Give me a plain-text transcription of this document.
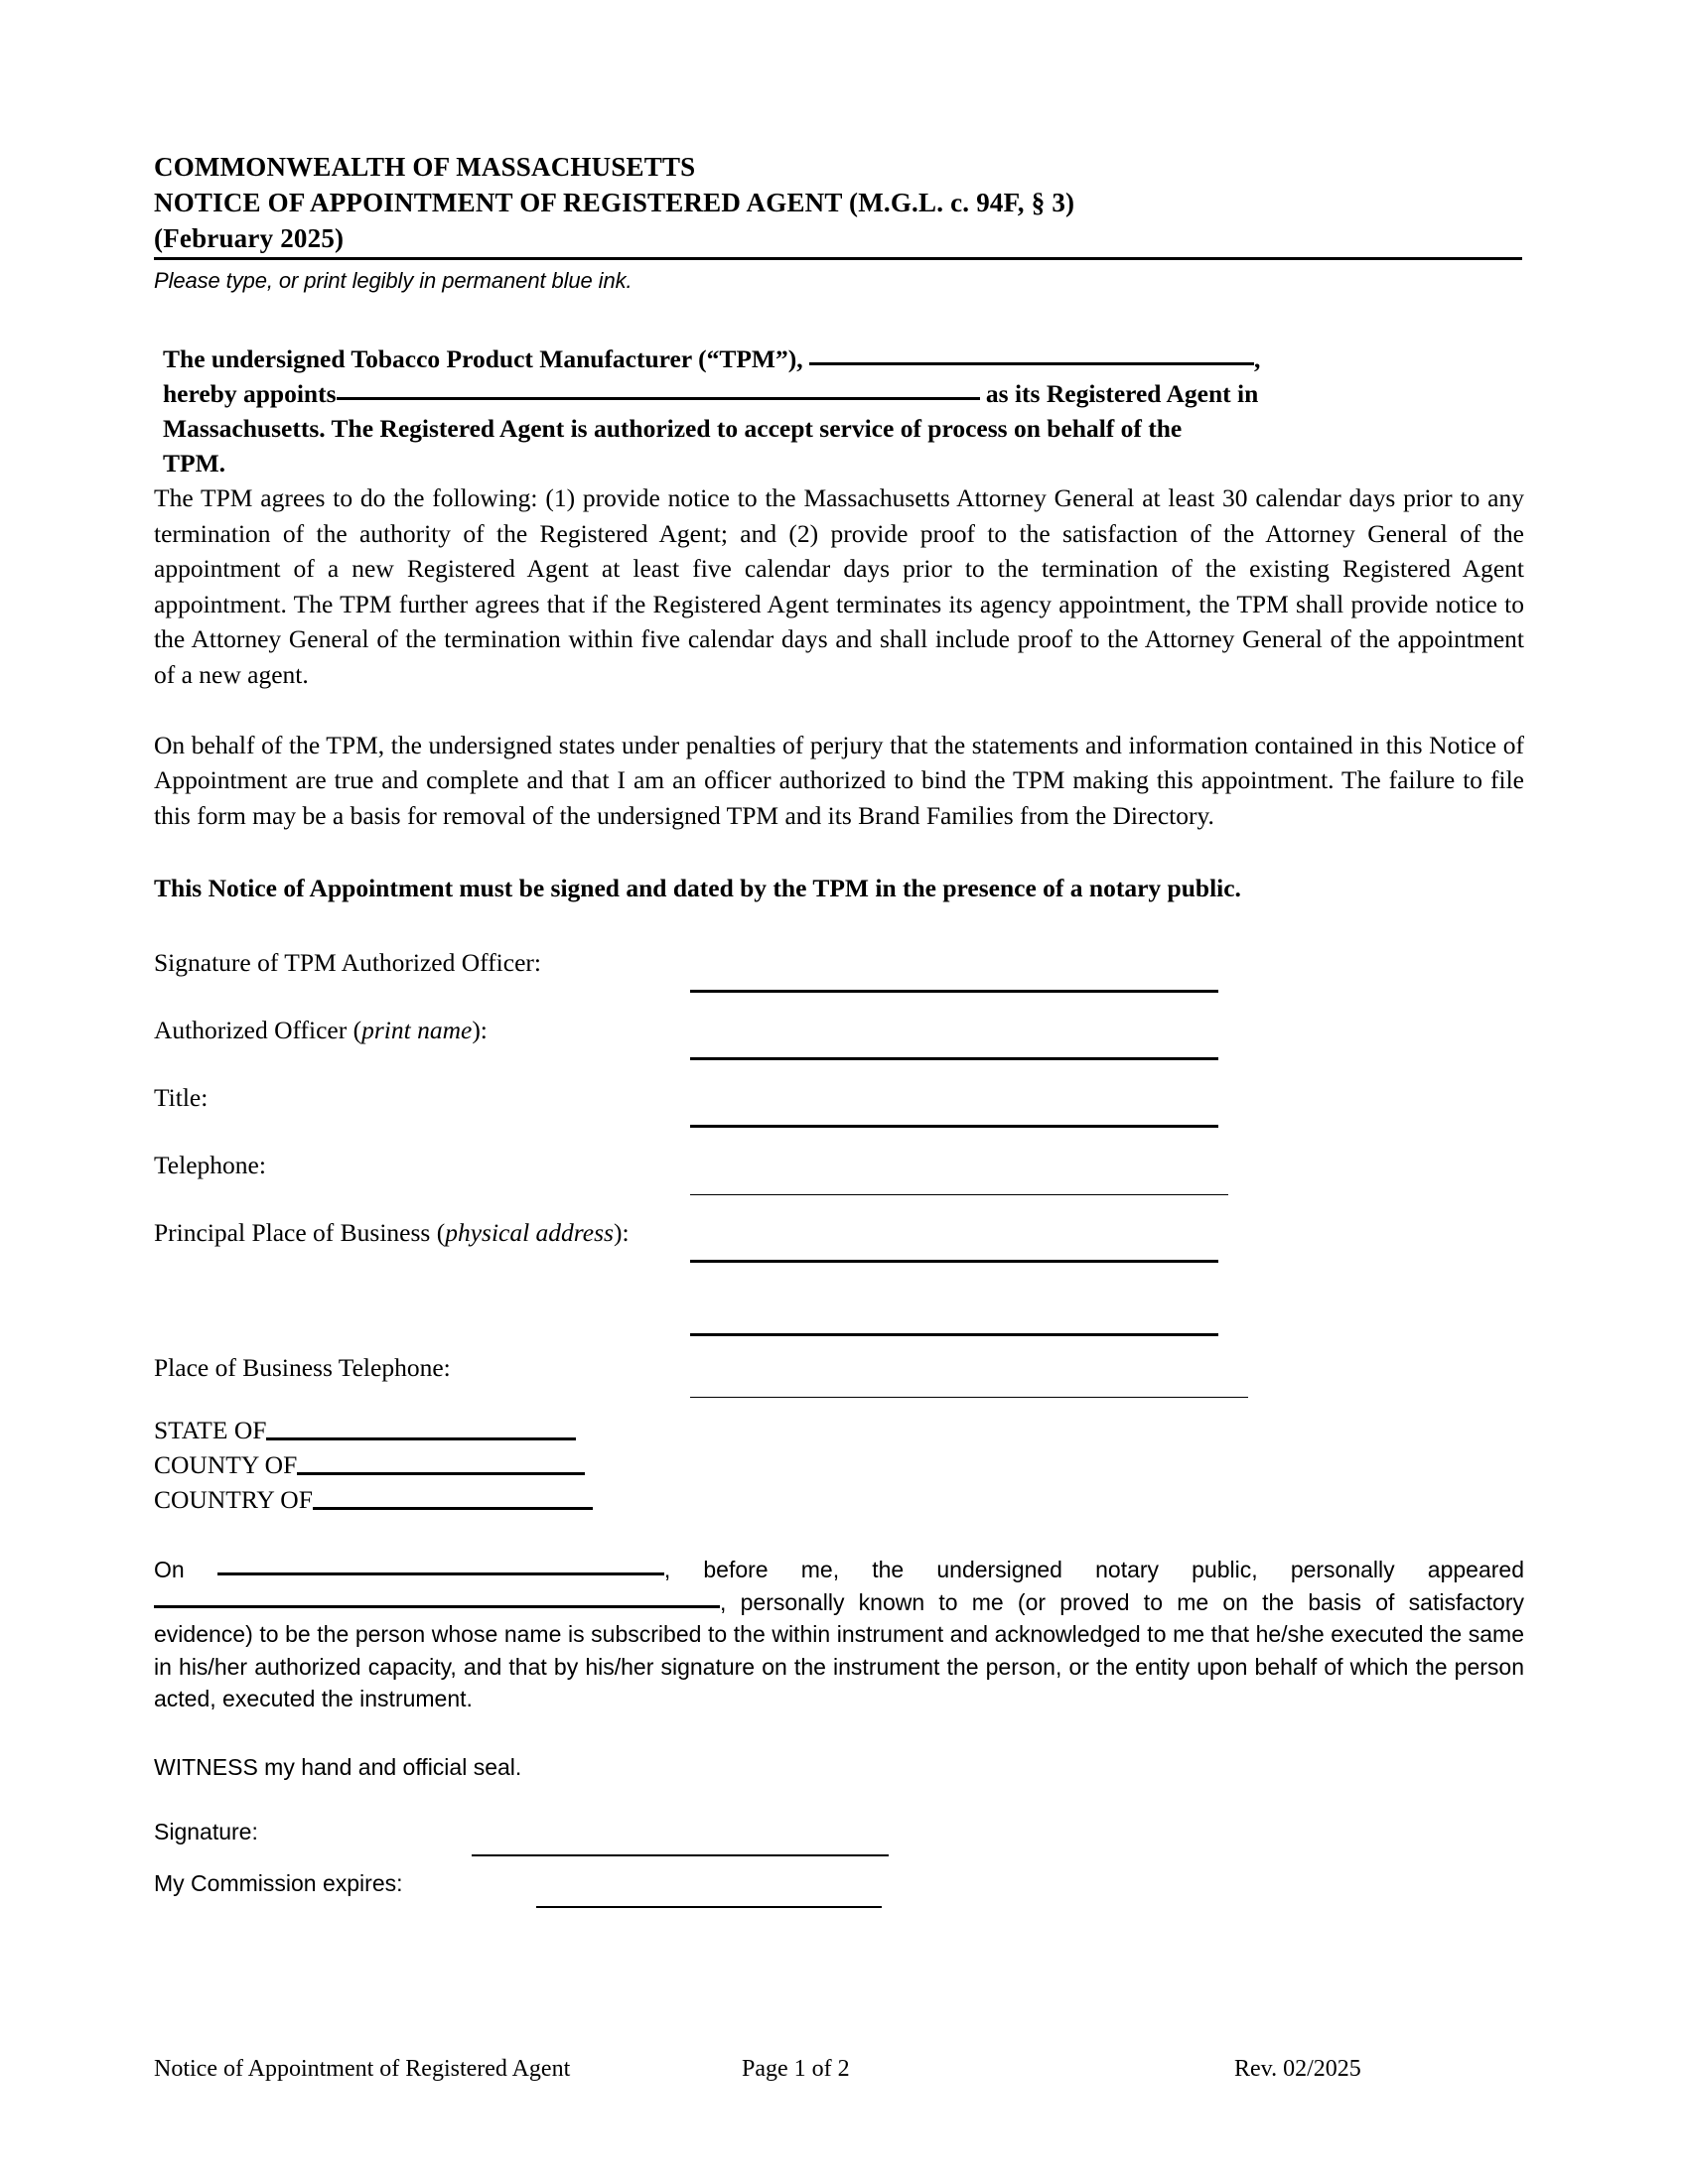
COMMONWEALTH OF MASSACHUSETTS
NOTICE OF APPOINTMENT OF REGISTERED AGENT (M.G.L. c. 94F, § 3)
(February 2025)
Please type, or print legibly in permanent blue ink.
The undersigned Tobacco Product Manufacturer (“TPM”),	,
hereby appoints	as its Registered Agent in
Massachusetts. The Registered Agent is authorized to accept service of process on behalf of the
TPM.
The TPM agrees to do the following: (1) provide notice to the Massachusetts Attorney General at least 30 calendar days prior to any termination of the authority of the Registered Agent; and (2) provide proof to the satisfaction of the Attorney General of the appointment of a new Registered Agent at least five calendar days prior to the termination of the existing Registered Agent appointment. The TPM further agrees that if the Registered Agent terminates its agency appointment, the TPM shall provide notice to the Attorney General of the termination within five calendar days and shall include proof to the Attorney General of the appointment of a new agent.
On behalf of the TPM, the undersigned states under penalties of perjury that the statements and information contained in this Notice of Appointment are true and complete and that I am an officer authorized to bind the TPM making this appointment. The failure to file this form may be a basis for removal of the undersigned TPM and its Brand Families from the Directory.
This Notice of Appointment must be signed and dated by the TPM in the presence of a notary public.
Signature of TPM Authorized Officer:
Authorized Officer (print name):
Title:
Telephone:
Principal Place of Business (physical address):
Place of Business Telephone:
STATE OF
COUNTY OF
COUNTRY OF
On	, before me, the undersigned notary public, personally appeared , personally known to me (or proved to me on the basis of satisfactory evidence) to be the person whose name is subscribed to the within instrument and acknowledged to me that he/she executed the same in his/her authorized capacity, and that by his/her signature on the instrument the person, or the entity upon behalf of which the person acted, executed the instrument.
WITNESS my hand and official seal.
Signature:
My Commission expires:
Notice of Appointment of Registered Agent	Page 1 of 2	Rev. 02/2025
